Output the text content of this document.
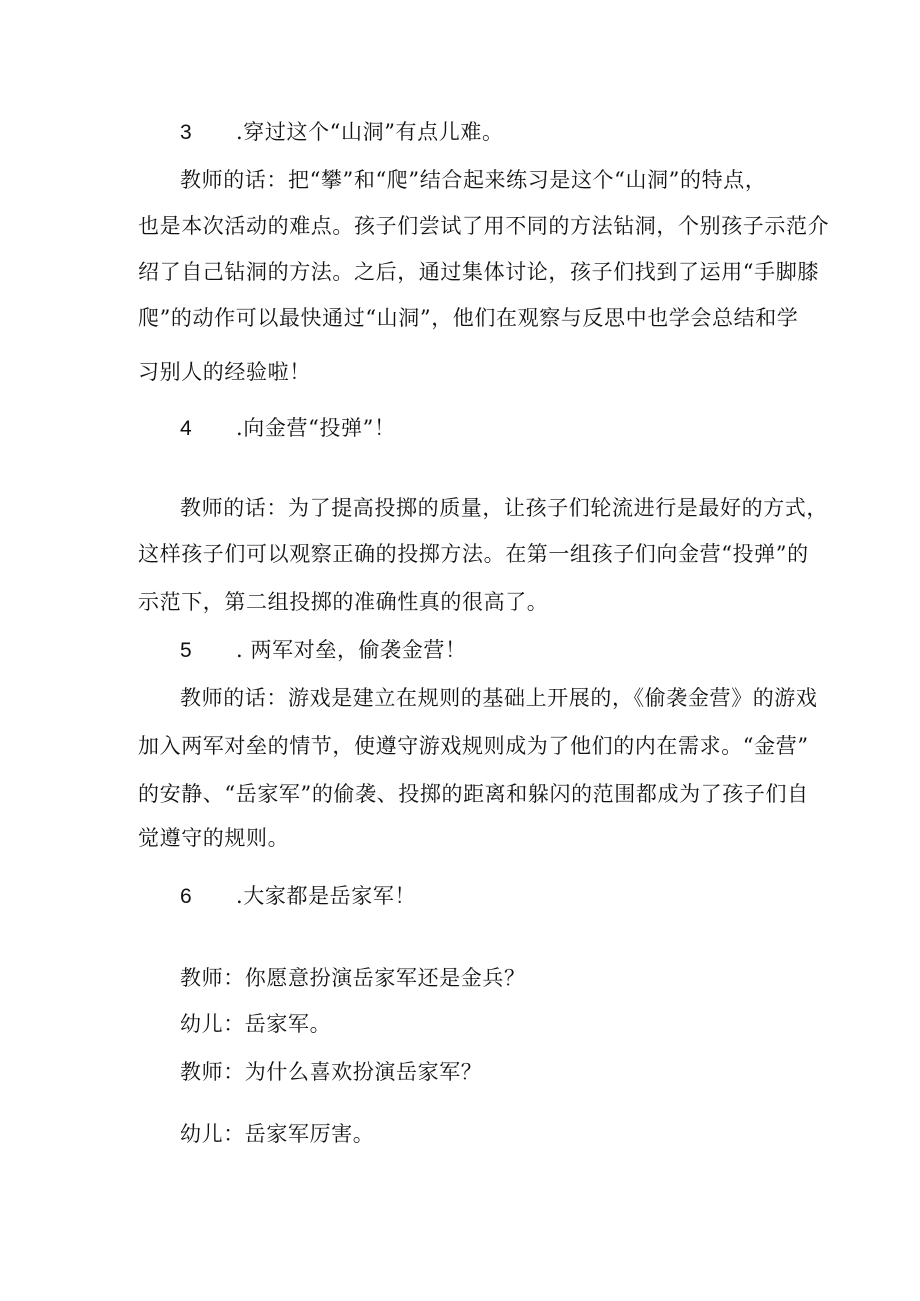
3 .穿过这个“山洞”有点儿难。
教师的话：把“攀”和“爬”结合起来练习是这个“山洞”的特点，
也是本次活动的难点。孩子们尝试了用不同的方法钻洞，个别孩子示范介
绍了自己钻洞的方法。之后，通过集体讨论，孩子们找到了运用“手脚膝
爬”的动作可以最快通过“山洞”，他们在观察与反思中也学会总结和学
习别人的经验啦！
4 .向金营“投弹”！
教师的话：为了提高投掷的质量，让孩子们轮流进行是最好的方式，
这样孩子们可以观察正确的投掷方法。在第一组孩子们向金营“投弹”的
示范下，第二组投掷的准确性真的很高了。
5 . 两军对垒，偷袭金营！
教师的话：游戏是建立在规则的基础上开展的，《偷袭金营》的游戏
加入两军对垒的情节，使遵守游戏规则成为了他们的内在需求。“金营”
的安静、“岳家军”的偷袭、投掷的距离和躲闪的范围都成为了孩子们自
觉遵守的规则。
6 .大家都是岳家军！
教师：你愿意扮演岳家军还是金兵？
幼儿：岳家军。
教师：为什么喜欢扮演岳家军？
幼儿：岳家军厉害。
